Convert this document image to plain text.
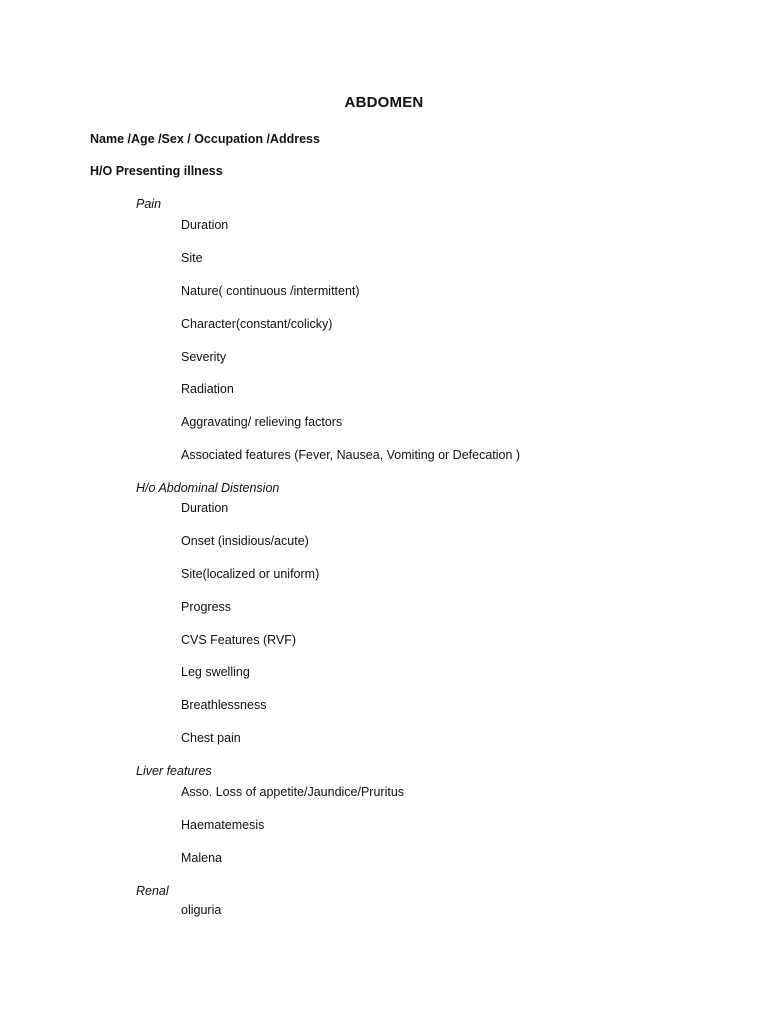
ABDOMEN
Name /Age /Sex / Occupation /Address
H/O Presenting illness
Pain
Duration
Site
Nature( continuous /intermittent)
Character(constant/colicky)
Severity
Radiation
Aggravating/ relieving factors
Associated features (Fever, Nausea, Vomiting or Defecation )
H/o Abdominal Distension
Duration
Onset (insidious/acute)
Site(localized or uniform)
Progress
CVS Features (RVF)
Leg swelling
Breathlessness
Chest pain
Liver features
Asso. Loss of appetite/Jaundice/Pruritus
Haematemesis
Malena
Renal
oliguria
